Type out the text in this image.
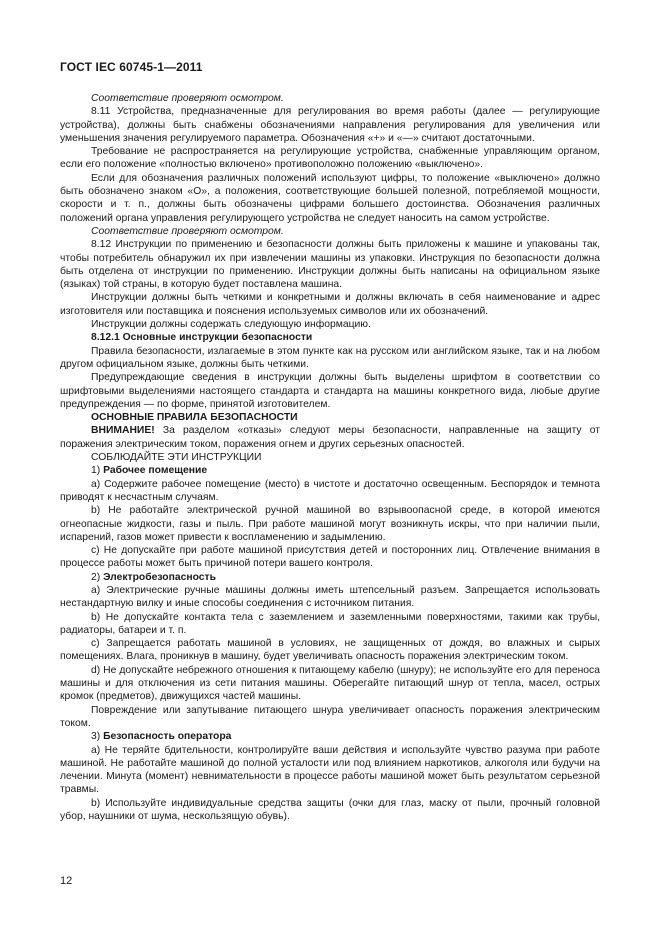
ГОСТ IEC 60745-1—2011

Соответствие проверяют осмотром.

8.11 Устройства, предназначенные для регулирования во время работы (далее — регулирующие устройства), должны быть снабжены обозначениями направления регулирования для увеличения или уменьшения значения регулируемого параметра. Обозначения «+» и «—» считают достаточными.

Требование не распространяется на регулирующие устройства, снабженные управляющим органом, если его положение «полностью включено» противоположно положению «выключено».

Если для обозначения различных положений используют цифры, то положение «выключено» должно быть обозначено знаком «О», а положения, соответствующие большей полезной, потребляемой мощности, скорости и т. п., должны быть обозначены цифрами большего достоинства. Обозначения различных положений органа управления регулирующего устройства не следует наносить на самом устройстве.

Соответствие проверяют осмотром.

8.12 Инструкции по применению и безопасности должны быть приложены к машине и упакованы так, чтобы потребитель обнаружил их при извлечении машины из упаковки. Инструкция по безопасности должна быть отделена от инструкции по применению. Инструкции должны быть написаны на официальном языке (языках) той страны, в которую будет поставлена машина.

Инструкции должны быть четкими и конкретными и должны включать в себя наименование и адрес изготовителя или поставщика и пояснения используемых символов или их обозначений.

Инструкции должны содержать следующую информацию.

8.12.1 Основные инструкции безопасности

Правила безопасности, излагаемые в этом пункте как на русском или английском языке, так и на любом другом официальном языке, должны быть четкими.

Предупреждающие сведения в инструкции должны быть выделены шрифтом в соответствии со шрифтовыми выделениями настоящего стандарта и стандарта на машины конкретного вида, любые другие предупреждения — по форме, принятой изготовителем.

ОСНОВНЫЕ ПРАВИЛА БЕЗОПАСНОСТИ

ВНИМАНИЕ! За разделом «отказы» следуют меры безопасности, направленные на защиту от поражения электрическим током, поражения огнем и других серьезных опасностей.

СОБЛЮДАЙТЕ ЭТИ ИНСТРУКЦИИ

1) Рабочее помещение

a) Содержите рабочее помещение (место) в чистоте и достаточно освещенным. Беспорядок и темнота приводят к несчастным случаям.

b) Не работайте электрической ручной машиной во взрывоопасной среде, в которой имеются огнеопасные жидкости, газы и пыль. При работе машиной могут возникнуть искры, что при наличии пыли, испарений, газов может привести к воспламенению и задымлению.

c) Не допускайте при работе машиной присутствия детей и посторонних лиц. Отвлечение внимания в процессе работы может быть причиной потери вашего контроля.

2) Электробезопасность

a) Электрические ручные машины должны иметь штепсельный разъем. Запрещается использовать нестандартную вилку и иные способы соединения с источником питания.

b) Не допускайте контакта тела с заземлением и заземленными поверхностями, такими как трубы, радиаторы, батареи и т. п.

c) Запрещается работать машиной в условиях, не защищенных от дождя, во влажных и сырых помещениях. Влага, проникнув в машину, будет увеличивать опасность поражения электрическим током.

d) Не допускайте небрежного отношения к питающему кабелю (шнуру); не используйте его для переноса машины и для отключения из сети питания машины. Оберегайте питающий шнур от тепла, масел, острых кромок (предметов), движущихся частей машины.

Повреждение или запутывание питающего шнура увеличивает опасность поражения электрическим током.

3) Безопасность оператора

a) Не теряйте бдительности, контролируйте ваши действия и используйте чувство разума при работе машиной. Не работайте машиной до полной усталости или под влиянием наркотиков, алкоголя или будучи на лечении. Минута (момент) невнимательности в процессе работы машиной может быть результатом серьезной травмы.

b) Используйте индивидуальные средства защиты (очки для глаз, маску от пыли, прочный головной убор, наушники от шума, нескользящую обувь).

12
